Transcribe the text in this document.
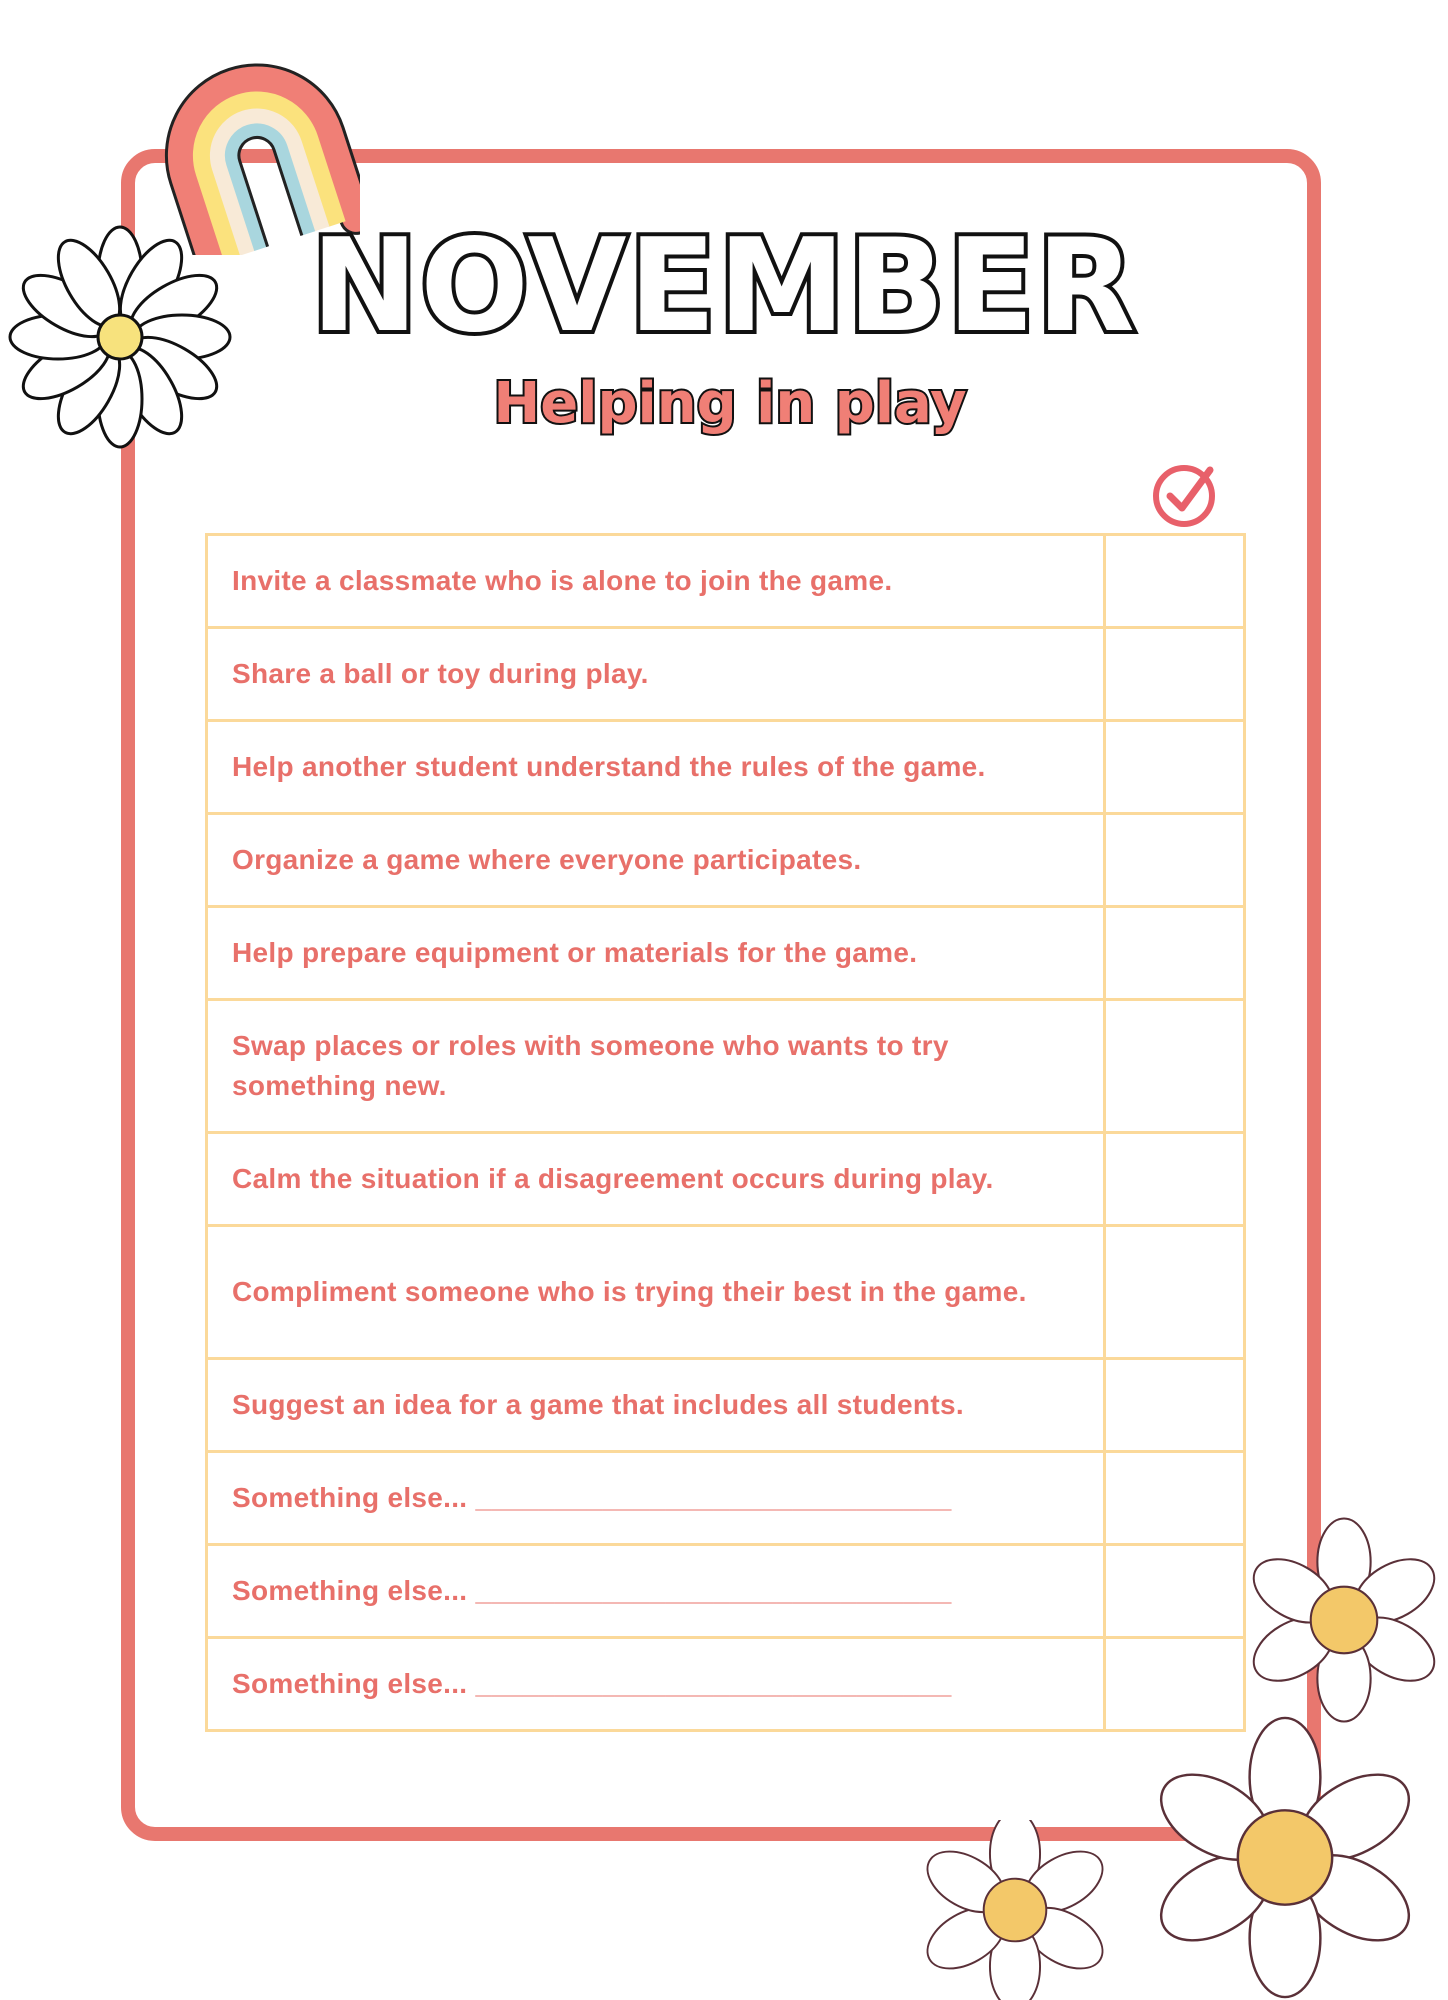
NOVEMBER
Helping in play
Invite a classmate who is alone to join the game.	
Share a ball or toy during play.	
Help another student understand the rules of the game.	
Organize a game where everyone participates.	
Help prepare equipment or materials for the game.	
Swap places or roles with someone who wants to try something new.	
Calm the situation if a disagreement occurs during play.	
Compliment someone who is trying their best in the game.	
Suggest an idea for a game that includes all students.	
Something else... ______________________________	
Something else... ______________________________	
Something else... ______________________________	
